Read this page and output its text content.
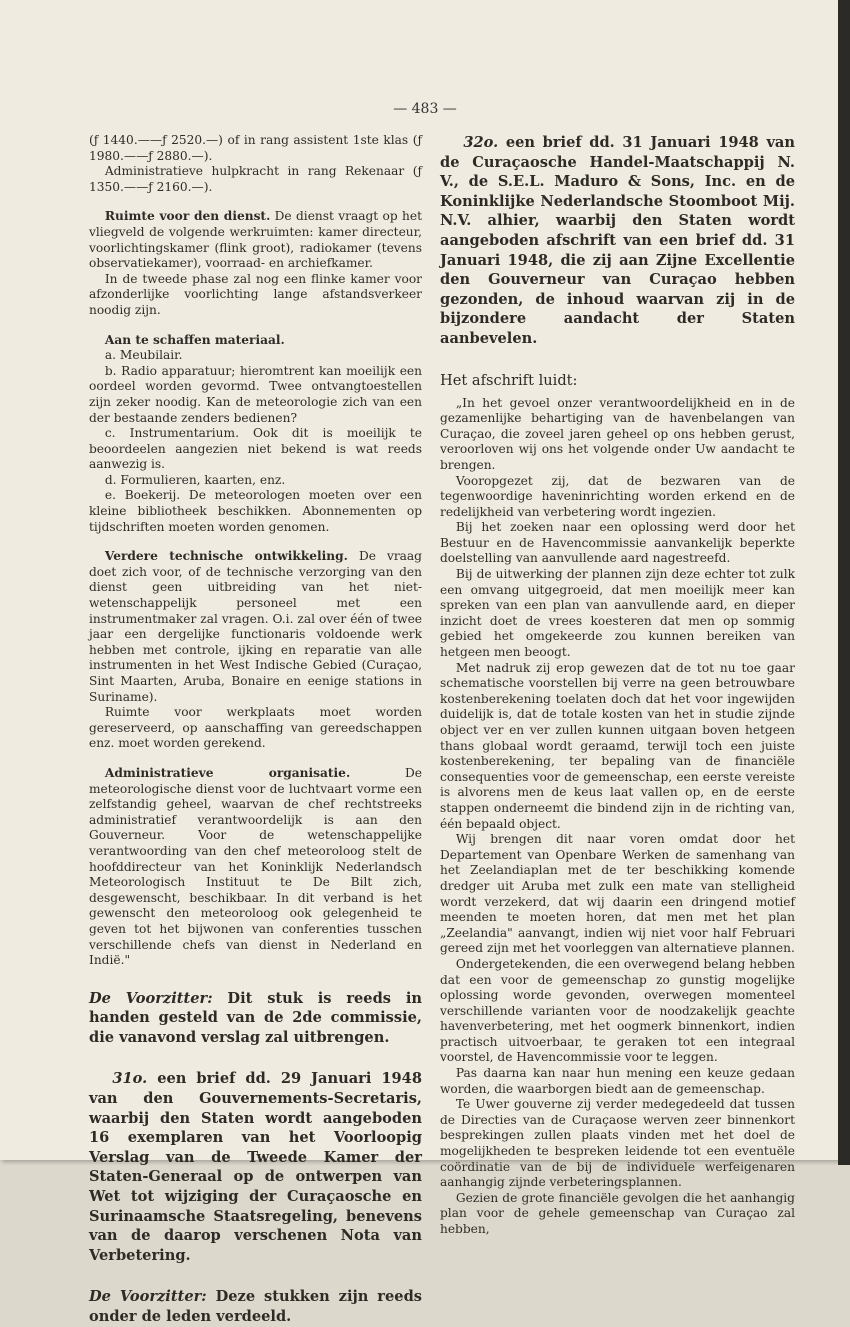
— 483 —

(ƒ 1440.——ƒ 2520.—) of in rang assistent 1ste klas (ƒ 1980.——ƒ 2880.—).

Administratieve hulpkracht in rang Rekenaar (ƒ 1350.——ƒ 2160.—).

Ruimte voor den dienst. De dienst vraagt op het vliegveld de volgende werkruimten: kamer directeur, voorlichtingskamer (flink groot), radiokamer (tevens observatiekamer), voorraad- en archiefkamer.

In de tweede phase zal nog een flinke kamer voor afzonderlijke voorlichting lange afstandsverkeer noodig zijn.

Aan te schaffen materiaal.

a. Meubilair.

b. Radio apparatuur; hieromtrent kan moeilijk een oordeel worden gevormd. Twee ontvangtoestellen zijn zeker noodig. Kan de meteorologie zich van een der bestaande zenders bedienen?

c. Instrumentarium. Ook dit is moeilijk te beoordeelen aangezien niet bekend is wat reeds aanwezig is.

d. Formulieren, kaarten, enz.

e. Boekerij. De meteorologen moeten over een kleine bibliotheek beschikken. Abonnementen op tijdschriften moeten worden genomen.

Verdere technische ontwikkeling. De vraag doet zich voor, of de technische verzorging van den dienst geen uitbreiding van het niet-wetenschappelijk personeel met een instrumentmaker zal vragen. O.i. zal over één of twee jaar een dergelijke functionaris voldoende werk hebben met controle, ijking en reparatie van alle instrumenten in het West Indische Gebied (Curaçao, Sint Maarten, Aruba, Bonaire en eenige stations in Suriname).

Ruimte voor werkplaats moet worden gereserveerd, op aanschaffing van gereedschappen enz. moet worden gerekend.

Administratieve organisatie. De meteorologische dienst voor de luchtvaart vorme een zelfstandig geheel, waarvan de chef rechtstreeks administratief verantwoordelijk is aan den Gouverneur. Voor de wetenschappelijke verantwoording van den chef meteoroloog stelt de hoofddirecteur van het Koninklijk Nederlandsch Meteorologisch Instituut te De Bilt zich, desgewenscht, beschikbaar. In dit verband is het gewenscht den meteoroloog ook gelegenheid te geven tot het bijwonen van conferenties tusschen verschillende chefs van dienst in Nederland en Indië."

De Voorzitter: Dit stuk is reeds in handen gesteld van de 2de commissie, die vanavond verslag zal uitbrengen.

31o. een brief dd. 29 Januari 1948 van den Gouvernements-Secretaris, waarbij den Staten wordt aangeboden 16 exemplaren van het Voorloopig Verslag van de Tweede Kamer der Staten-Generaal op de ontwerpen van Wet tot wijziging der Curaçaosche en Surinaamsche Staatsregeling, benevens van de daarop verschenen Nota van Verbetering.

De Voorzitter: Deze stukken zijn reeds onder de leden verdeeld.

32o. een brief dd. 31 Januari 1948 van de Curaçaosche Handel-Maatschappij N. V., de S.E.L. Maduro & Sons, Inc. en de Koninklijke Nederlandsche Stoomboot Mij. N.V. alhier, waarbij den Staten wordt aangeboden afschrift van een brief dd. 31 Januari 1948, die zij aan Zijne Excellentie den Gouverneur van Curaçao hebben gezonden, de inhoud waarvan zij in de bijzondere aandacht der Staten aanbevelen.

Het afschrift luidt:

„In het gevoel onzer verantwoordelijkheid en in de gezamenlijke behartiging van de havenbelangen van Curaçao, die zoveel jaren geheel op ons hebben gerust, veroorloven wij ons het volgende onder Uw aandacht te brengen.

Vooropgezet zij, dat de bezwaren van de tegenwoordige haveninrichting worden erkend en de redelijkheid van verbetering wordt ingezien.

Bij het zoeken naar een oplossing werd door het Bestuur en de Havencommissie aanvankelijk beperkte doelstelling van aanvullende aard nagestreefd.

Bij de uitwerking der plannen zijn deze echter tot zulk een omvang uitgegroeid, dat men moeilijk meer kan spreken van een plan van aanvullende aard, en dieper inzicht doet de vrees koesteren dat men op sommig gebied het omgekeerde zou kunnen bereiken van hetgeen men beoogt.

Met nadruk zij erop gewezen dat de tot nu toe gaar schematische voorstellen bij verre na geen betrouwbare kostenberekening toelaten doch dat het voor ingewijden duidelijk is, dat de totale kosten van het in studie zijnde object ver en ver zullen kunnen uitgaan boven hetgeen thans globaal wordt geraamd, terwijl toch een juiste kostenberekening, ter bepaling van de financiële consequenties voor de gemeenschap, een eerste vereiste is alvorens men de keus laat vallen op, en de eerste stappen onderneemt die bindend zijn in de richting van, één bepaald object.

Wij brengen dit naar voren omdat door het Departement van Openbare Werken de samenhang van het Zeelandiaplan met de ter beschikking komende dredger uit Aruba met zulk een mate van stelligheid wordt verzekerd, dat wij daarin een dringend motief meenden te moeten horen, dat men met het plan „Zeelandia" aanvangt, indien wij niet voor half Februari gereed zijn met het voorleggen van alternatieve plannen.

Ondergetekenden, die een overwegend belang hebben dat een voor de gemeenschap zo gunstig mogelijke oplossing worde gevonden, overwegen momenteel verschillende varianten voor de noodzakelijk geachte havenverbetering, met het oogmerk binnenkort, indien practisch uitvoerbaar, te geraken tot een integraal voorstel, de Havencommissie voor te leggen.

Pas daarna kan naar hun mening een keuze gedaan worden, die waarborgen biedt aan de gemeenschap.

Te Uwer gouverne zij verder medegedeeld dat tussen de Directies van de Curaçaose werven zeer binnenkort besprekingen zullen plaats vinden met het doel de mogelijkheden te bespreken leidende tot een eventuële coördinatie van de bij de individuele werfeigenaren aanhangig zijnde verbeteringsplannen.

Gezien de grote financiële gevolgen die het aanhangig plan voor de gehele gemeenschap van Curaçao zal hebben,
